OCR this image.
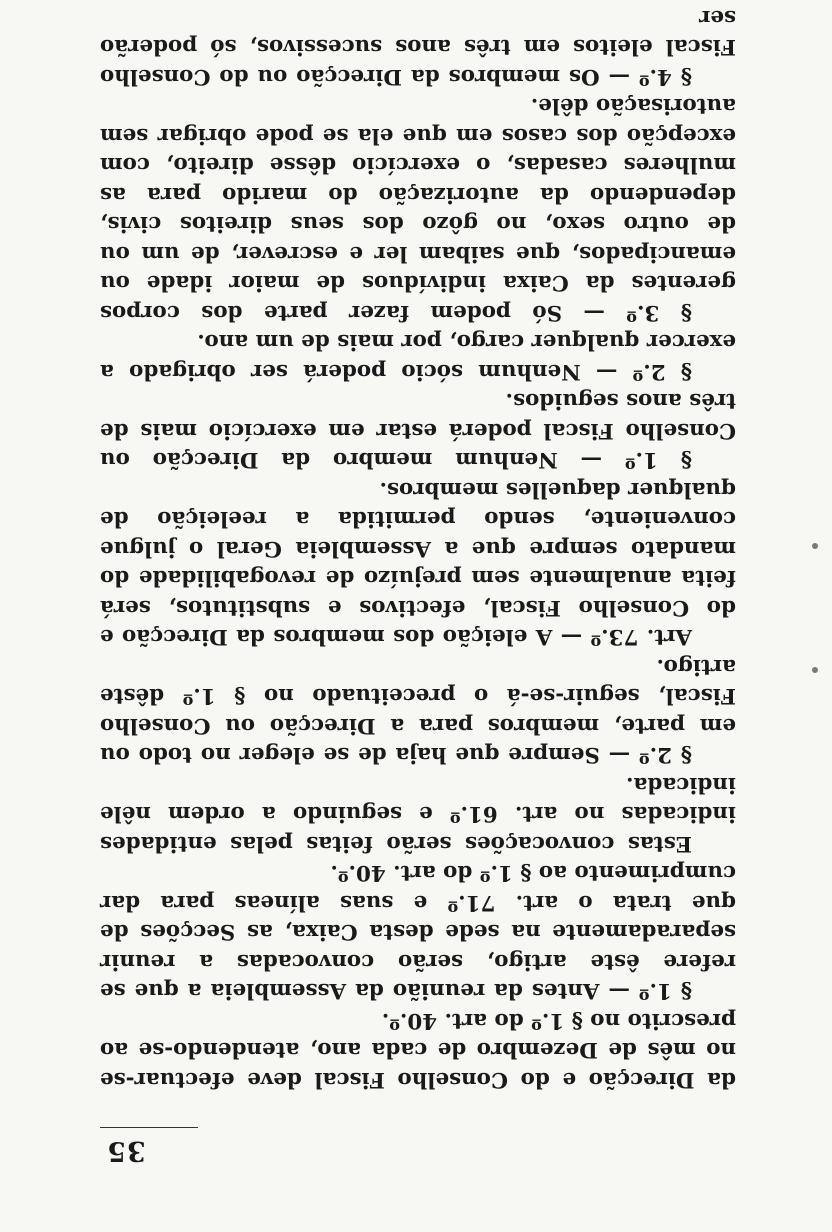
35

da Direcção e do Conselho Fiscal deve efectuar-se no mês de Dezembro de cada ano, atendendo-se ao prescrito no § 1.º do art. 40.º.

§ 1.º — Antes da reunião da Assembleia a que se refere êste artigo, serão convocadas a reunir separadamente na sede desta Caixa, as Secções de que trata o art. 71.º e suas alíneas para dar cumprimento ao § 1.º do art. 40.º.

Estas convocações serão feitas pelas entidades indicadas no art. 61.º e seguindo a ordem nêle indicada.

§ 2.º — Sempre que haja de se eleger no todo ou em parte, membros para a Direcção ou Conselho Fiscal, seguir-se-á o preceituado no § 1.º dêste artigo.

Art. 73.º — A eleição dos membros da Direcção e do Conselho Fiscal, efectivos e substitutos, será feita anualmente sem prejuízo de revogabilidade do mandato sempre que a Assembleia Geral o julgue conveniente, sendo permitida a reeleição de qualquer daquelles membros.

§ 1.º — Nenhum membro da Direcção ou Conselho Fiscal poderá estar em exercício mais de três anos seguidos.

§ 2.º — Nenhum sócio poderá ser obrigado a exercer qualquer cargo, por mais de um ano.

§ 3.º — Só podem fazer parte dos corpos gerentes da Caixa indivíduos de maior idade ou emancipados, que saibam ler e escrever, de um ou de outro sexo, no gôzo dos seus direitos civis, dependendo da autorização do marido para as mulheres casadas, o exercício dêsse direito, com excepção dos casos em que ela se pode obrigar sem autorisação dêle.

§ 4.º — Os membros da Direcção ou do Conselho Fiscal eleitos em três anos sucessivos, só poderão ser
